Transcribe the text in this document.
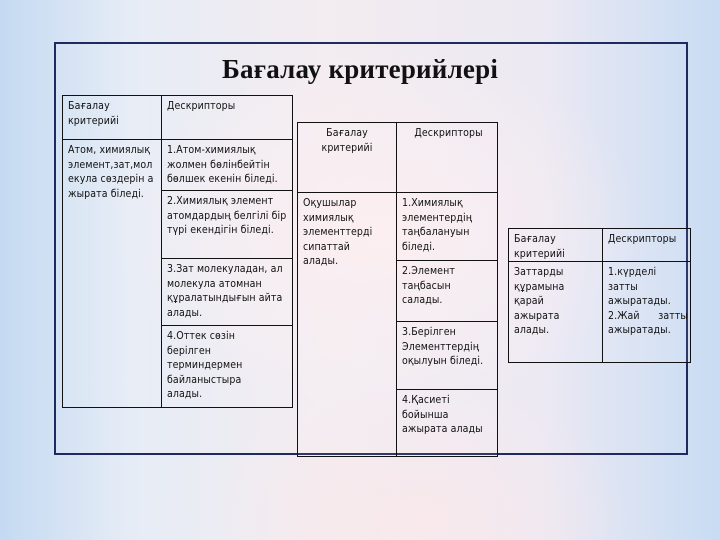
Бағалау критерийлері
Бағалау критерийі
Дескрипторы
Атом, химиялық элемент,зат,молекула сөздерін ажырата біледі.
1.Атом-химиялық жолмен бөлінбейтін бөлшек екенін біледі.
2.Химиялық элемент атомдардың белгілі бір түрі екендігін біледі.
3.Зат молекуладан, ал молекула атомнан құралатындығын айта алады.
4.Оттек сөзін берілген терминдермен байланыстыра алады.
Бағалау критерийі
Дескрипторы
Оқушылар химиялық элементтерді сипаттай алады.
1.Химиялық элементердің таңбалануын біледі.
2.Элемент таңбасын салады.
3.Берілген Элементтердің оқылуын біледі.
4.Қасиеті бойынша ажырата алады
Бағалау критерийі
Дескрипторы
Заттарды құрамына қарай ажырата алады.
1.күрделі затты ажыратады. 2.Жай затты ажыратады.
